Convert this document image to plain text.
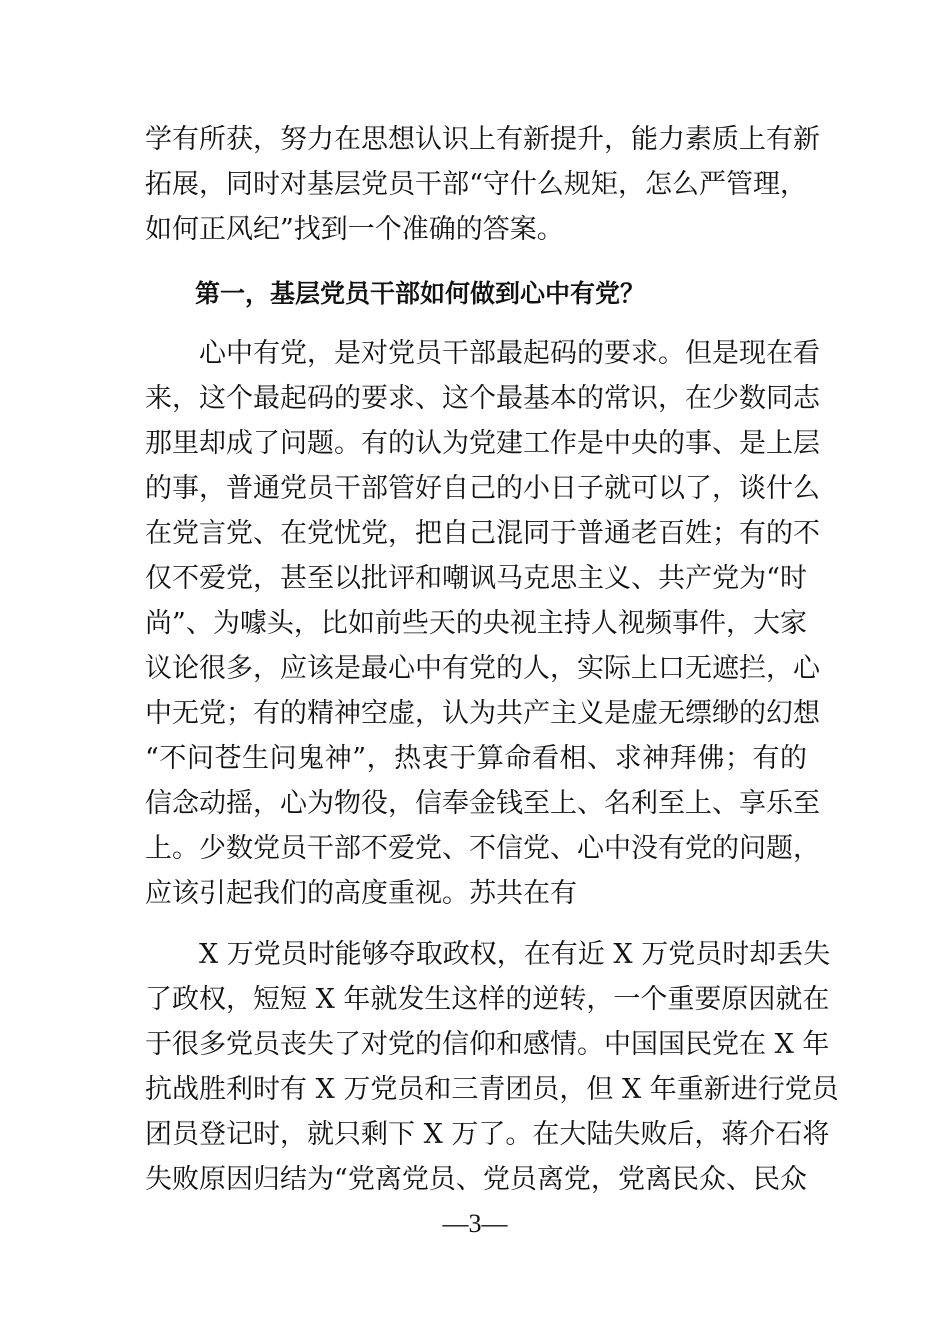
学有所获，努力在思想认识上有新提升，能力素质上有新
拓展，同时对基层党员干部“守什么规矩，怎么严管理，
如何正风纪”找到一个准确的答案。
第一，基层党员干部如何做到心中有党？
心中有党，是对党员干部最起码的要求。但是现在看
来，这个最起码的要求、这个最基本的常识，在少数同志
那里却成了问题。有的认为党建工作是中央的事、是上层
的事，普通党员干部管好自己的小日子就可以了，谈什么
在党言党、在党忧党，把自己混同于普通老百姓；有的不
仅不爱党，甚至以批评和嘲讽马克思主义、共产党为“时
尚”、为噱头，比如前些天的央视主持人视频事件，大家
议论很多，应该是最心中有党的人，实际上口无遮拦，心
中无党；有的精神空虚，认为共产主义是虚无缥缈的幻想
“不问苍生问鬼神”，热衷于算命看相、求神拜佛；有的
信念动摇，心为物役，信奉金钱至上、名利至上、享乐至
上。少数党员干部不爱党、不信党、心中没有党的问题，
应该引起我们的高度重视。苏共在有
X 万党员时能够夺取政权，在有近 X 万党员时却丢失
了政权，短短 X 年就发生这样的逆转，一个重要原因就在
于很多党员丧失了对党的信仰和感情。中国国民党在 X 年
抗战胜利时有 X 万党员和三青团员，但 X 年重新进行党员
团员登记时，就只剩下 X 万了。在大陆失败后，蒋介石将
失败原因归结为“党离党员、党员离党，党离民众、民众
—3—
